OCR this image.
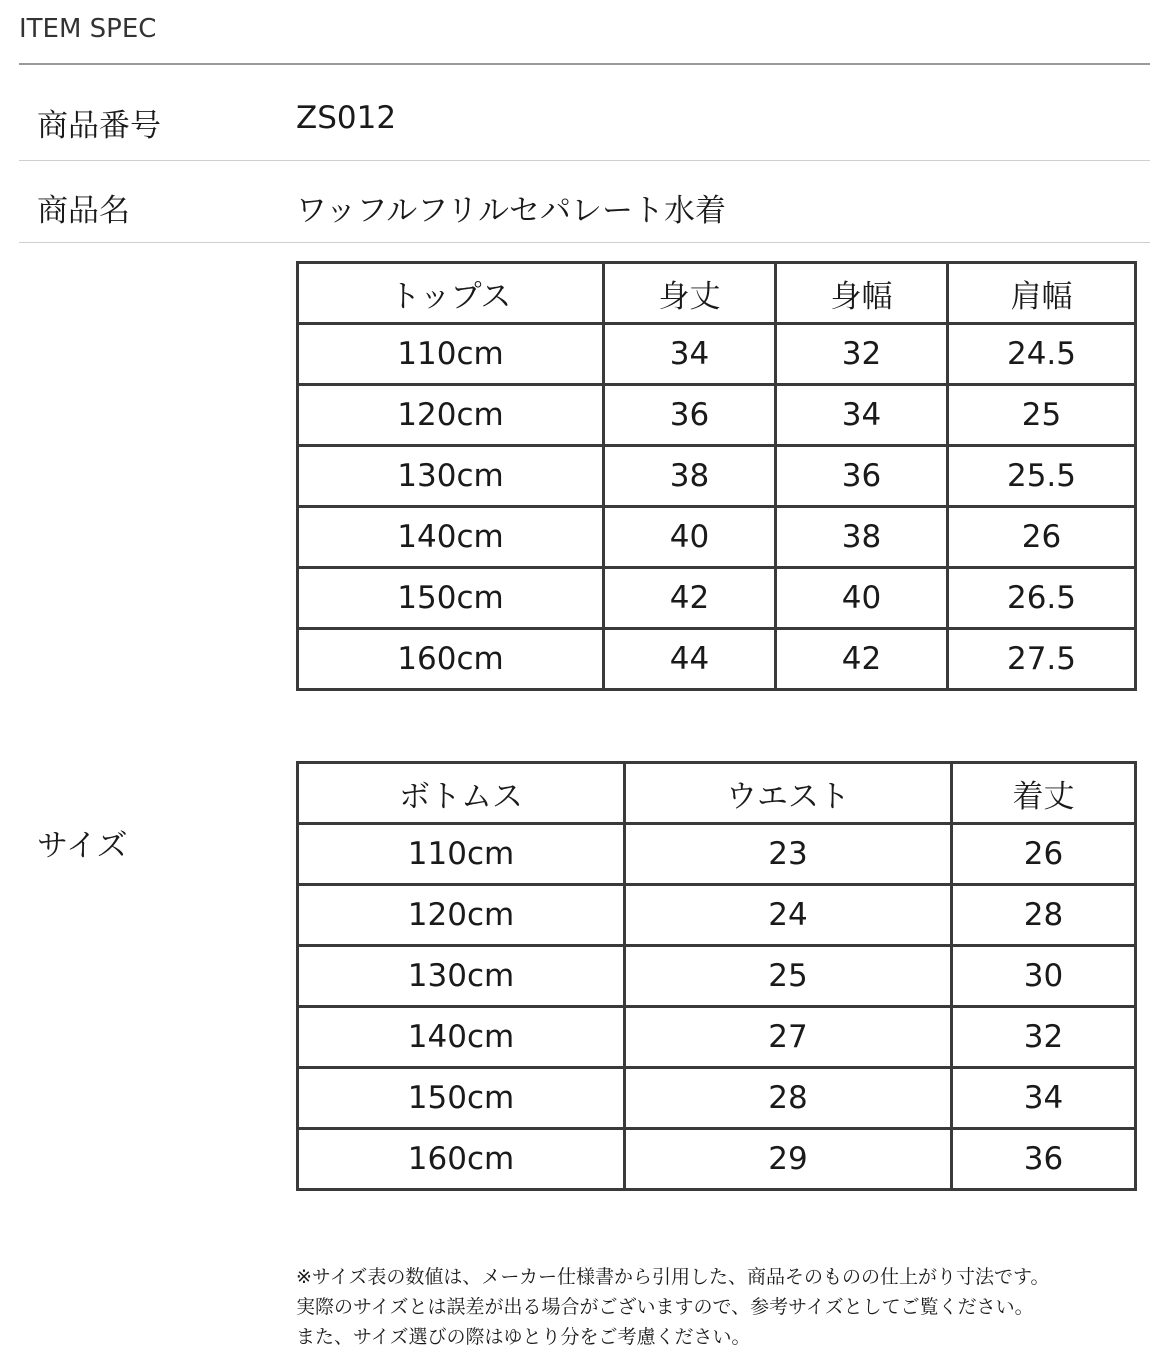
ITEM SPEC
商品番号	ZS012
商品名	ワッフルフリルセパレート水着
サイズ
トップス	身丈	身幅	肩幅
110cm	34	32	24.5
120cm	36	34	25
130cm	38	36	25.5
140cm	40	38	26
150cm	42	40	26.5
160cm	44	42	27.5
ボトムス	ウエスト	着丈
110cm	23	26
120cm	24	28
130cm	25	30
140cm	27	32
150cm	28	34
160cm	29	36
※サイズ表の数値は、メーカー仕様書から引用した、商品そのものの仕上がり寸法です。
実際のサイズとは誤差が出る場合がございますので、参考サイズとしてご覧ください。
また、サイズ選びの際はゆとり分をご考慮ください。
